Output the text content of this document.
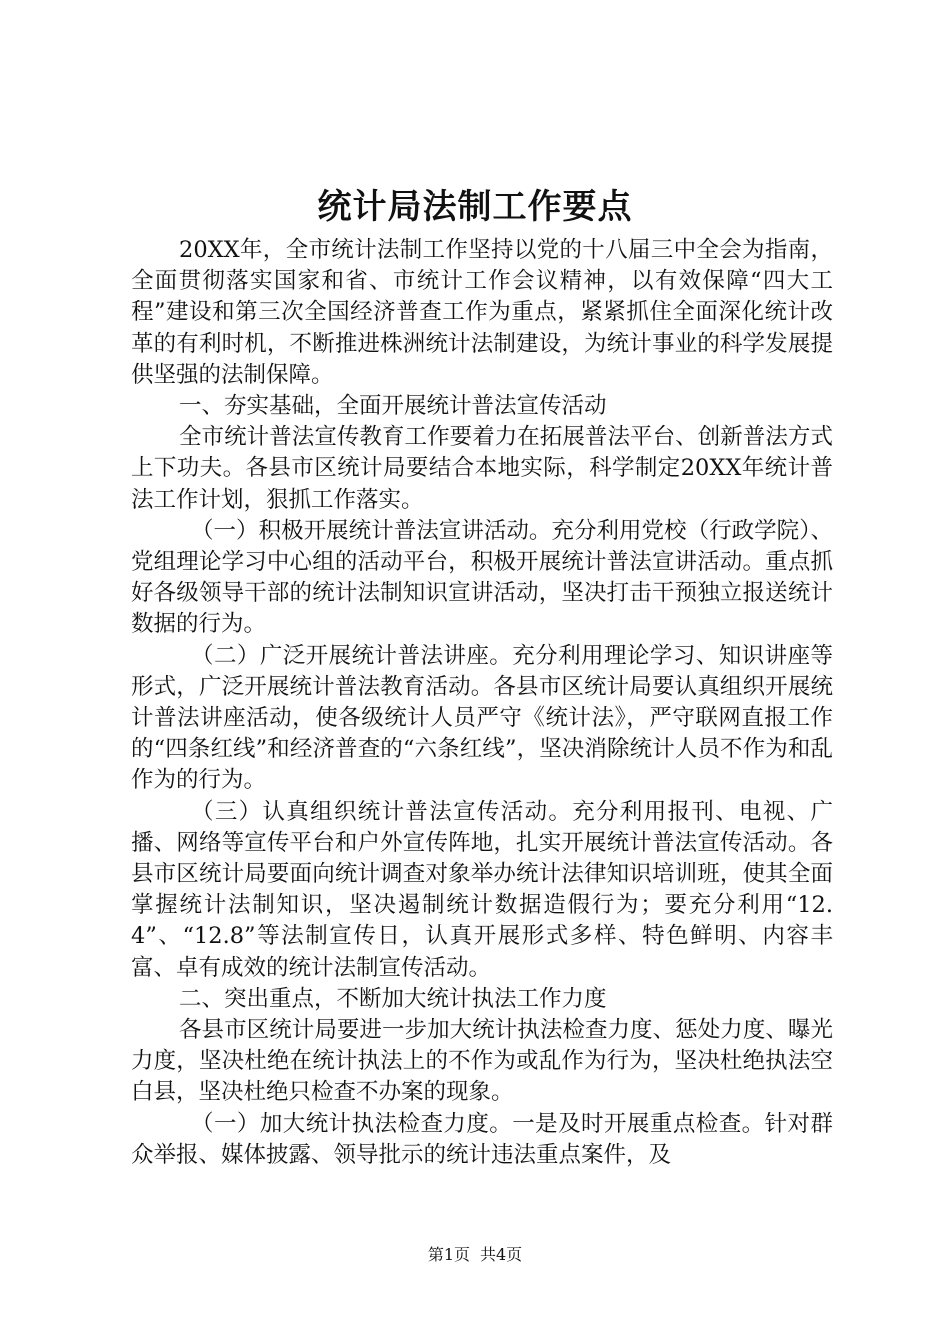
统计局法制工作要点

20XX年，全市统计法制工作坚持以党的十八届三中全会为指南，全面贯彻落实国家和省、市统计工作会议精神，以有效保障“四大工程”建设和第三次全国经济普查工作为重点，紧紧抓住全面深化统计改革的有利时机，不断推进株洲统计法制建设，为统计事业的科学发展提供坚强的法制保障。

一、夯实基础，全面开展统计普法宣传活动

全市统计普法宣传教育工作要着力在拓展普法平台、创新普法方式上下功夫。各县市区统计局要结合本地实际，科学制定20XX年统计普法工作计划，狠抓工作落实。

（一）积极开展统计普法宣讲活动。充分利用党校（行政学院）、党组理论学习中心组的活动平台，积极开展统计普法宣讲活动。重点抓好各级领导干部的统计法制知识宣讲活动，坚决打击干预独立报送统计数据的行为。

（二）广泛开展统计普法讲座。充分利用理论学习、知识讲座等形式，广泛开展统计普法教育活动。各县市区统计局要认真组织开展统计普法讲座活动，使各级统计人员严守《统计法》，严守联网直报工作的“四条红线”和经济普查的“六条红线”，坚决消除统计人员不作为和乱作为的行为。

（三）认真组织统计普法宣传活动。充分利用报刊、电视、广播、网络等宣传平台和户外宣传阵地，扎实开展统计普法宣传活动。各县市区统计局要面向统计调查对象举办统计法律知识培训班，使其全面掌握统计法制知识，坚决遏制统计数据造假行为；要充分利用“12.4”、“12.8”等法制宣传日，认真开展形式多样、特色鲜明、内容丰富、卓有成效的统计法制宣传活动。

二、突出重点，不断加大统计执法工作力度

各县市区统计局要进一步加大统计执法检查力度、惩处力度、曝光力度，坚决杜绝在统计执法上的不作为或乱作为行为，坚决杜绝执法空白县，坚决杜绝只检查不办案的现象。

（一）加大统计执法检查力度。一是及时开展重点检查。针对群众举报、媒体披露、领导批示的统计违法重点案件，及

第1页 共4页
